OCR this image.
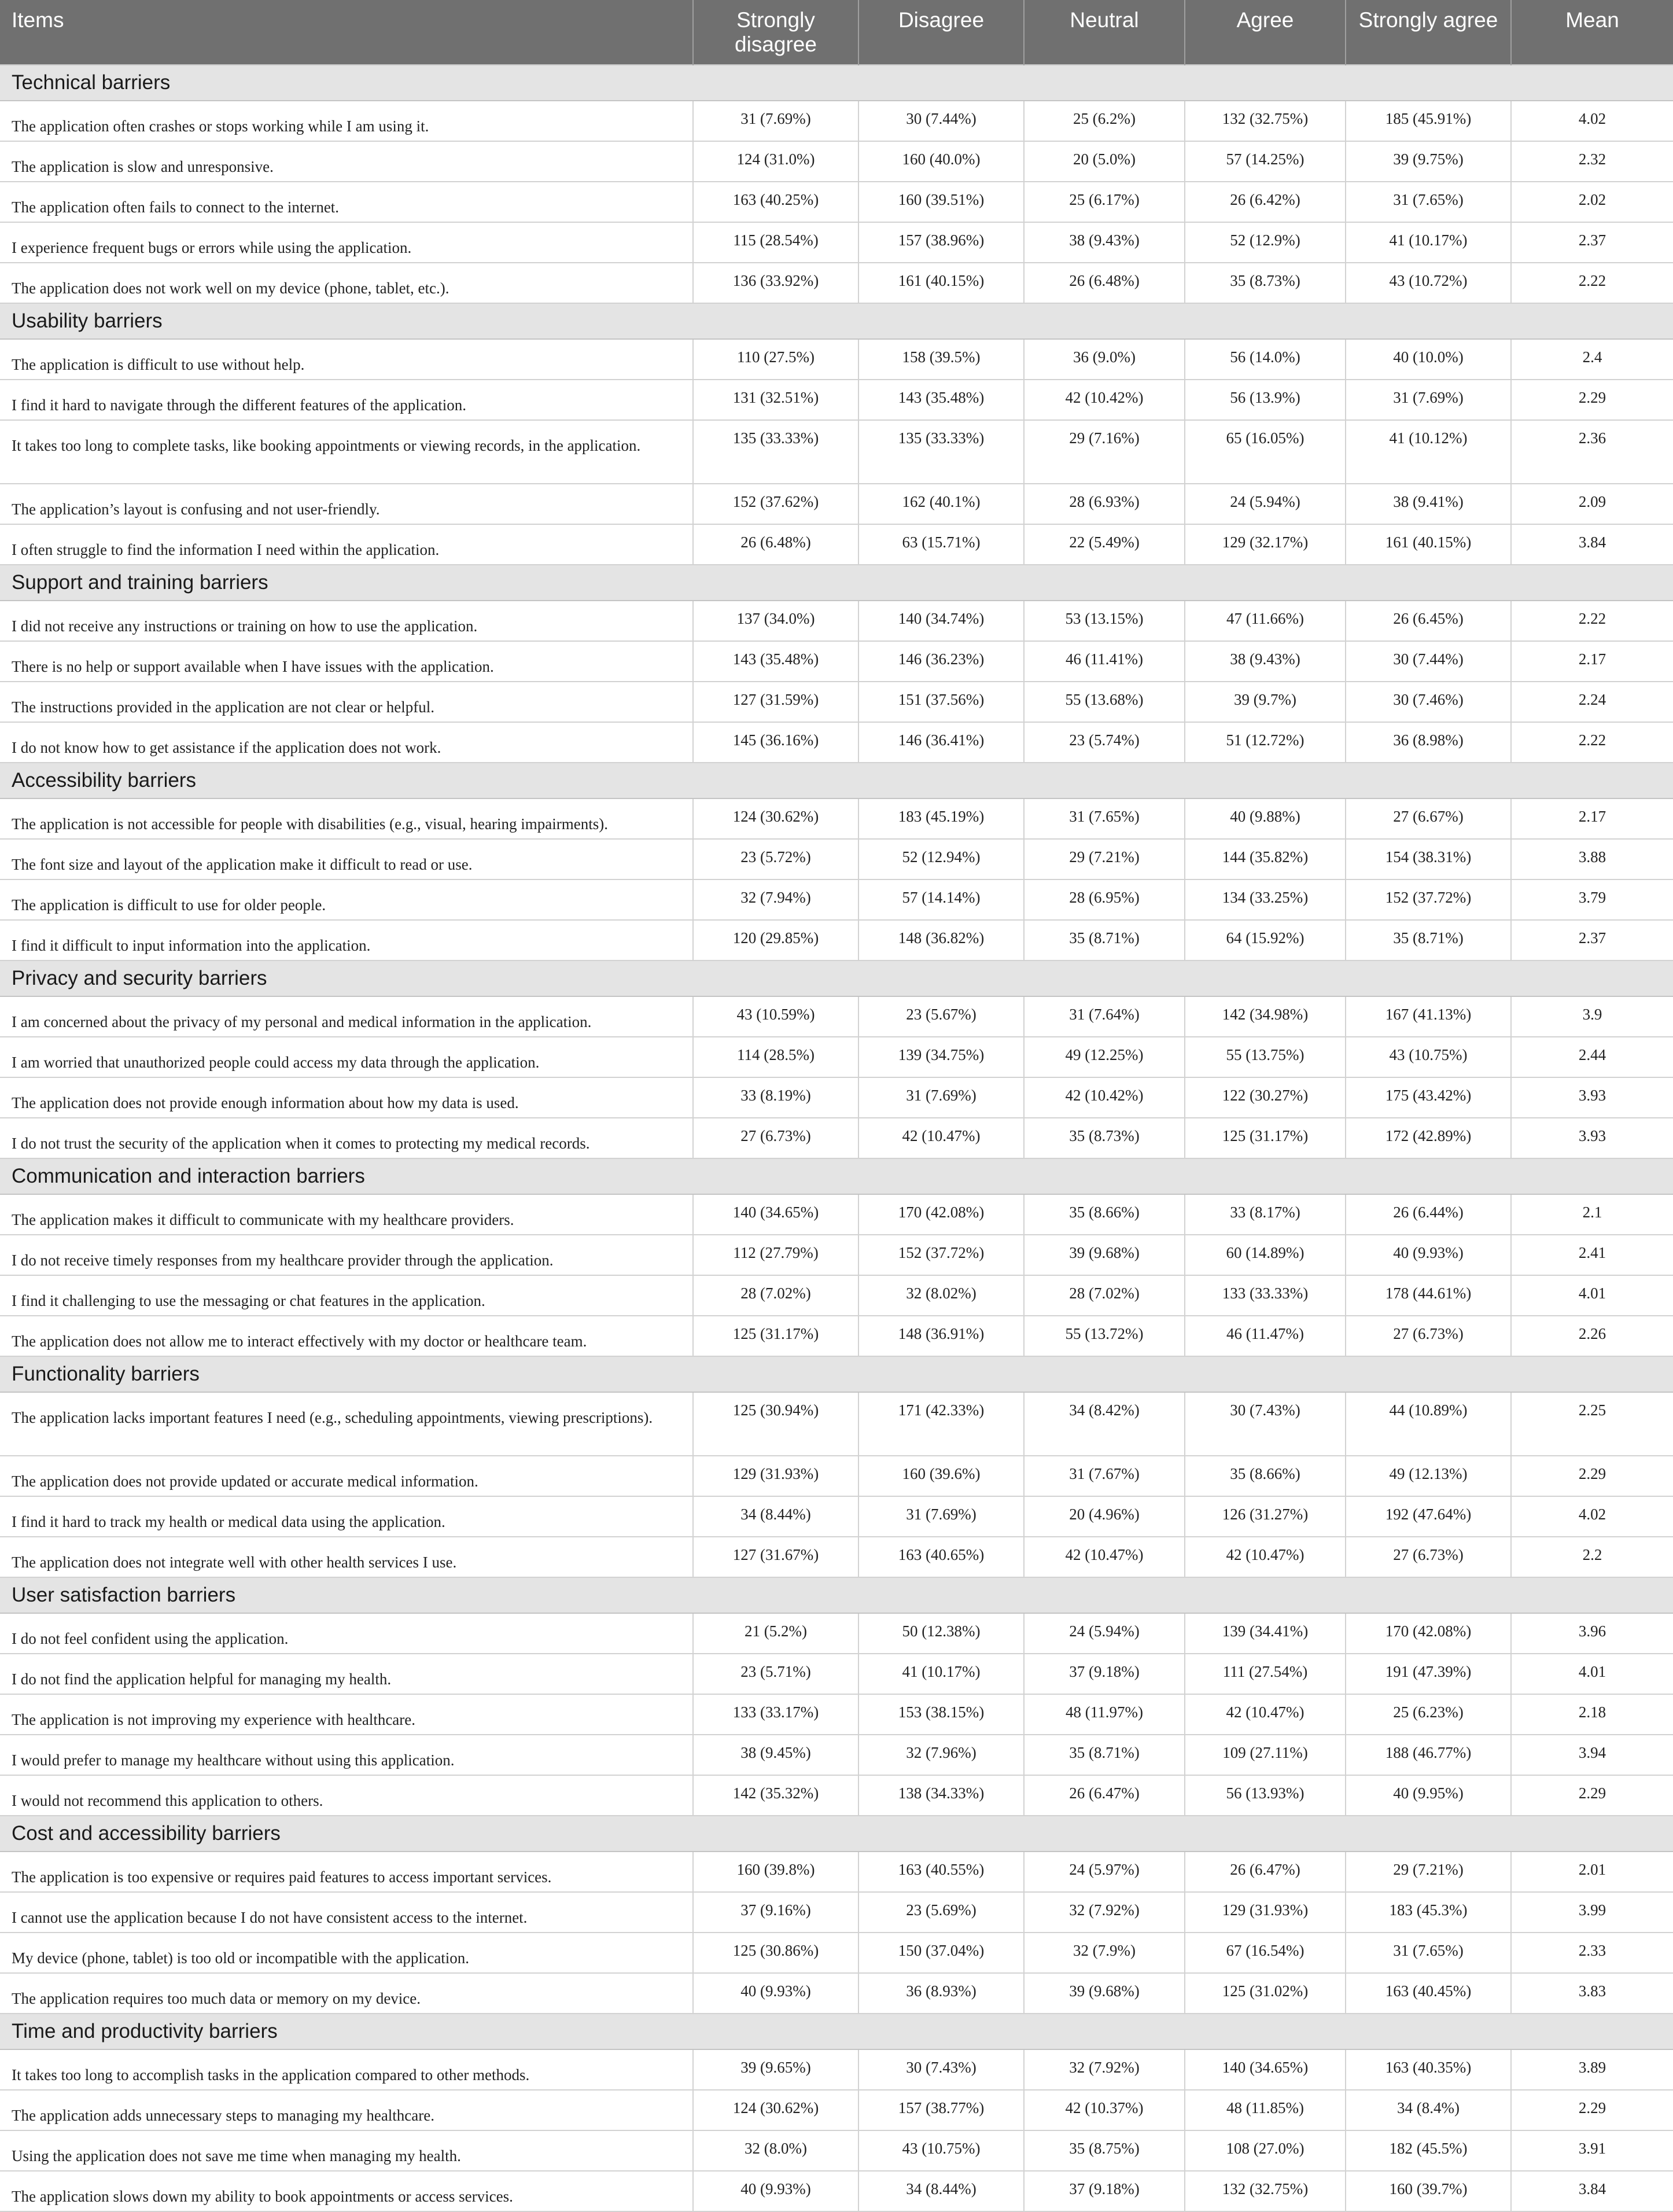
Items	Strongly disagree	Disagree	Neutral	Agree	Strongly agree	Mean
Technical barriers						
The application often crashes or stops working while I am using it.	31 (7.69%)	30 (7.44%)	25 (6.2%)	132 (32.75%)	185 (45.91%)	4.02
The application is slow and unresponsive.	124 (31.0%)	160 (40.0%)	20 (5.0%)	57 (14.25%)	39 (9.75%)	2.32
The application often fails to connect to the internet.	163 (40.25%)	160 (39.51%)	25 (6.17%)	26 (6.42%)	31 (7.65%)	2.02
I experience frequent bugs or errors while using the application.	115 (28.54%)	157 (38.96%)	38 (9.43%)	52 (12.9%)	41 (10.17%)	2.37
The application does not work well on my device (phone, tablet, etc.).	136 (33.92%)	161 (40.15%)	26 (6.48%)	35 (8.73%)	43 (10.72%)	2.22
Usability barriers						
The application is difficult to use without help.	110 (27.5%)	158 (39.5%)	36 (9.0%)	56 (14.0%)	40 (10.0%)	2.4
I find it hard to navigate through the different features of the application.	131 (32.51%)	143 (35.48%)	42 (10.42%)	56 (13.9%)	31 (7.69%)	2.29
It takes too long to complete tasks, like booking appointments or viewing records, in the application.	135 (33.33%)	135 (33.33%)	29 (7.16%)	65 (16.05%)	41 (10.12%)	2.36
The application’s layout is confusing and not user-friendly.	152 (37.62%)	162 (40.1%)	28 (6.93%)	24 (5.94%)	38 (9.41%)	2.09
I often struggle to find the information I need within the application.	26 (6.48%)	63 (15.71%)	22 (5.49%)	129 (32.17%)	161 (40.15%)	3.84
Support and training barriers						
I did not receive any instructions or training on how to use the application.	137 (34.0%)	140 (34.74%)	53 (13.15%)	47 (11.66%)	26 (6.45%)	2.22
There is no help or support available when I have issues with the application.	143 (35.48%)	146 (36.23%)	46 (11.41%)	38 (9.43%)	30 (7.44%)	2.17
The instructions provided in the application are not clear or helpful.	127 (31.59%)	151 (37.56%)	55 (13.68%)	39 (9.7%)	30 (7.46%)	2.24
I do not know how to get assistance if the application does not work.	145 (36.16%)	146 (36.41%)	23 (5.74%)	51 (12.72%)	36 (8.98%)	2.22
Accessibility barriers						
The application is not accessible for people with disabilities (e.g., visual, hearing impairments).	124 (30.62%)	183 (45.19%)	31 (7.65%)	40 (9.88%)	27 (6.67%)	2.17
The font size and layout of the application make it difficult to read or use.	23 (5.72%)	52 (12.94%)	29 (7.21%)	144 (35.82%)	154 (38.31%)	3.88
The application is difficult to use for older people.	32 (7.94%)	57 (14.14%)	28 (6.95%)	134 (33.25%)	152 (37.72%)	3.79
I find it difficult to input information into the application.	120 (29.85%)	148 (36.82%)	35 (8.71%)	64 (15.92%)	35 (8.71%)	2.37
Privacy and security barriers						
I am concerned about the privacy of my personal and medical information in the application.	43 (10.59%)	23 (5.67%)	31 (7.64%)	142 (34.98%)	167 (41.13%)	3.9
I am worried that unauthorized people could access my data through the application.	114 (28.5%)	139 (34.75%)	49 (12.25%)	55 (13.75%)	43 (10.75%)	2.44
The application does not provide enough information about how my data is used.	33 (8.19%)	31 (7.69%)	42 (10.42%)	122 (30.27%)	175 (43.42%)	3.93
I do not trust the security of the application when it comes to protecting my medical records.	27 (6.73%)	42 (10.47%)	35 (8.73%)	125 (31.17%)	172 (42.89%)	3.93
Communication and interaction barriers						
The application makes it difficult to communicate with my healthcare providers.	140 (34.65%)	170 (42.08%)	35 (8.66%)	33 (8.17%)	26 (6.44%)	2.1
I do not receive timely responses from my healthcare provider through the application.	112 (27.79%)	152 (37.72%)	39 (9.68%)	60 (14.89%)	40 (9.93%)	2.41
I find it challenging to use the messaging or chat features in the application.	28 (7.02%)	32 (8.02%)	28 (7.02%)	133 (33.33%)	178 (44.61%)	4.01
The application does not allow me to interact effectively with my doctor or healthcare team.	125 (31.17%)	148 (36.91%)	55 (13.72%)	46 (11.47%)	27 (6.73%)	2.26
Functionality barriers						
The application lacks important features I need (e.g., scheduling appointments, viewing prescriptions).	125 (30.94%)	171 (42.33%)	34 (8.42%)	30 (7.43%)	44 (10.89%)	2.25
The application does not provide updated or accurate medical information.	129 (31.93%)	160 (39.6%)	31 (7.67%)	35 (8.66%)	49 (12.13%)	2.29
I find it hard to track my health or medical data using the application.	34 (8.44%)	31 (7.69%)	20 (4.96%)	126 (31.27%)	192 (47.64%)	4.02
The application does not integrate well with other health services I use.	127 (31.67%)	163 (40.65%)	42 (10.47%)	42 (10.47%)	27 (6.73%)	2.2
User satisfaction barriers						
I do not feel confident using the application.	21 (5.2%)	50 (12.38%)	24 (5.94%)	139 (34.41%)	170 (42.08%)	3.96
I do not find the application helpful for managing my health.	23 (5.71%)	41 (10.17%)	37 (9.18%)	111 (27.54%)	191 (47.39%)	4.01
The application is not improving my experience with healthcare.	133 (33.17%)	153 (38.15%)	48 (11.97%)	42 (10.47%)	25 (6.23%)	2.18
I would prefer to manage my healthcare without using this application.	38 (9.45%)	32 (7.96%)	35 (8.71%)	109 (27.11%)	188 (46.77%)	3.94
I would not recommend this application to others.	142 (35.32%)	138 (34.33%)	26 (6.47%)	56 (13.93%)	40 (9.95%)	2.29
Cost and accessibility barriers						
The application is too expensive or requires paid features to access important services.	160 (39.8%)	163 (40.55%)	24 (5.97%)	26 (6.47%)	29 (7.21%)	2.01
I cannot use the application because I do not have consistent access to the internet.	37 (9.16%)	23 (5.69%)	32 (7.92%)	129 (31.93%)	183 (45.3%)	3.99
My device (phone, tablet) is too old or incompatible with the application.	125 (30.86%)	150 (37.04%)	32 (7.9%)	67 (16.54%)	31 (7.65%)	2.33
The application requires too much data or memory on my device.	40 (9.93%)	36 (8.93%)	39 (9.68%)	125 (31.02%)	163 (40.45%)	3.83
Time and productivity barriers						
It takes too long to accomplish tasks in the application compared to other methods.	39 (9.65%)	30 (7.43%)	32 (7.92%)	140 (34.65%)	163 (40.35%)	3.89
The application adds unnecessary steps to managing my healthcare.	124 (30.62%)	157 (38.77%)	42 (10.37%)	48 (11.85%)	34 (8.4%)	2.29
Using the application does not save me time when managing my health.	32 (8.0%)	43 (10.75%)	35 (8.75%)	108 (27.0%)	182 (45.5%)	3.91
The application slows down my ability to book appointments or access services.	40 (9.93%)	34 (8.44%)	37 (9.18%)	132 (32.75%)	160 (39.7%)	3.84
